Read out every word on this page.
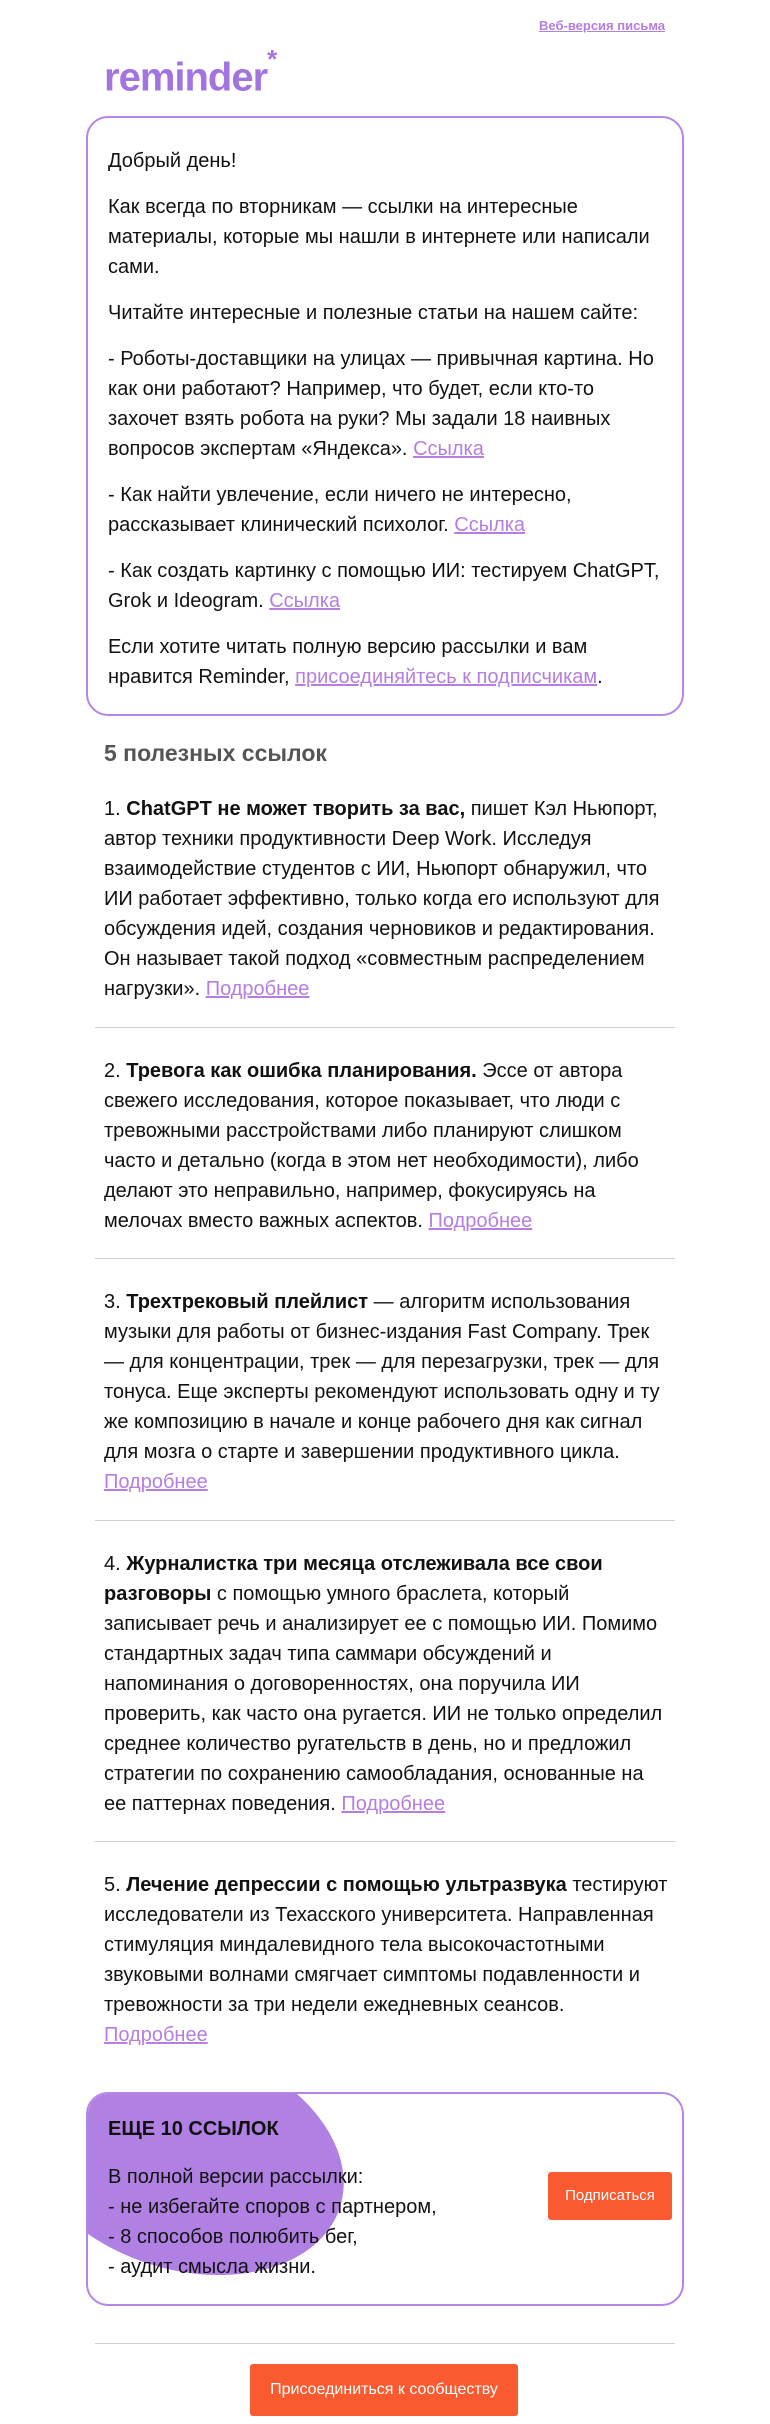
Веб-версия письма
reminder*

Добрый день!

Как всегда по вторникам — ссылки на интересные материалы, которые мы нашли в интернете или написали сами.

Читайте интересные и полезные статьи на нашем сайте:

- Роботы-доставщики на улицах — привычная картина. Но как они работают? Например, что будет, если кто-то захочет взять робота на руки? Мы задали 18 наивных вопросов экспертам «Яндекса». Ссылка

- Как найти увлечение, если ничего не интересно, рассказывает клинический психолог. Ссылка

- Как создать картинку с помощью ИИ: тестируем ChatGPT, Grok и Ideogram. Ссылка

Если хотите читать полную версию рассылки и вам нравится Reminder, присоединяйтесь к подписчикам.

5 полезных ссылок
1. ChatGPT не может творить за вас, пишет Кэл Ньюпорт, автор техники продуктивности Deep Work. Исследуя взаимодействие студентов с ИИ, Ньюпорт обнаружил, что ИИ работает эффективно, только когда его используют для обсуждения идей, создания черновиков и редактирования. Он называет такой подход «совместным распределением нагрузки». Подробнее
2. Тревога как ошибка планирования. Эссе от автора свежего исследования, которое показывает, что люди с тревожными расстройствами либо планируют слишком часто и детально (когда в этом нет необходимости), либо делают это неправильно, например, фокусируясь на мелочах вместо важных аспектов. Подробнее
3. Трехтрековый плейлист — алгоритм использования музыки для работы от бизнес-издания Fast Company. Трек — для концентрации, трек — для перезагрузки, трек — для тонуса. Еще эксперты рекомендуют использовать одну и ту же композицию в начале и конце рабочего дня как сигнал для мозга о старте и завершении продуктивного цикла. Подробнее
4. Журналистка три месяца отслеживала все свои разговоры с помощью умного браслета, который записывает речь и анализирует ее с помощью ИИ. Помимо стандартных задач типа саммари обсуждений и напоминания о договоренностях, она поручила ИИ проверить, как часто она ругается. ИИ не только определил среднее количество ругательств в день, но и предложил стратегии по сохранению самообладания, основанные на ее паттернах поведения. Подробнее
5. Лечение депрессии с помощью ультразвука тестируют исследователи из Техасского университета. Направленная стимуляция миндалевидного тела высокочастотными звуковыми волнами смягчает симптомы подавленности и тревожности за три недели ежедневных сеансов. Подробнее
ЕЩЕ 10 ССЫЛОК
В полной версии рассылки:
- не избегайте споров с партнером,
- 8 способов полюбить бег,
- аудит смысла жизни.
Подписаться
Присоединиться к сообществу
